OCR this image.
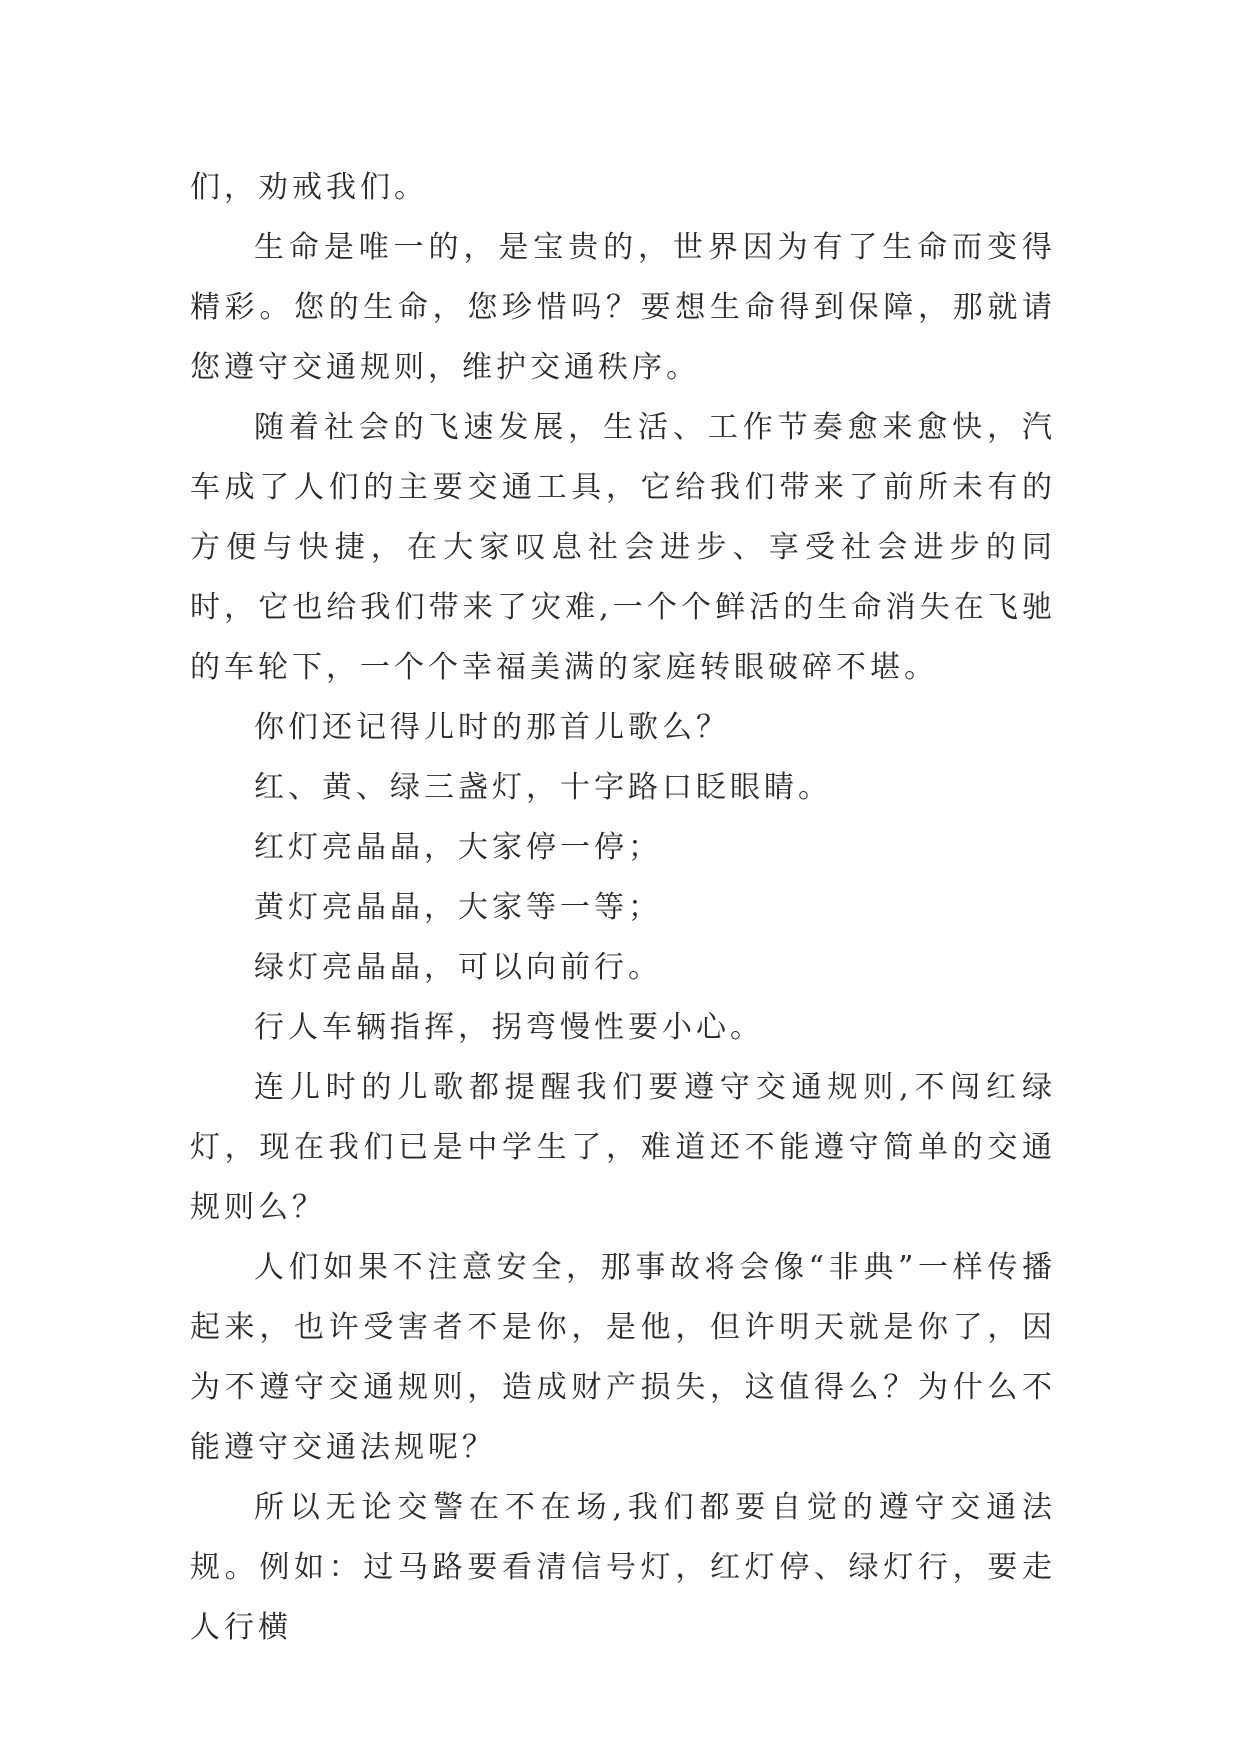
们，劝戒我们。

生命是唯一的，是宝贵的，世界因为有了生命而变得精彩。您的生命，您珍惜吗？要想生命得到保障，那就请您遵守交通规则，维护交通秩序。

随着社会的飞速发展，生活、工作节奏愈来愈快，汽车成了人们的主要交通工具，它给我们带来了前所未有的方便与快捷，在大家叹息社会进步、享受社会进步的同时，它也给我们带来了灾难,一个个鲜活的生命消失在飞驰的车轮下，一个个幸福美满的家庭转眼破碎不堪。

你们还记得儿时的那首儿歌么？

红、黄、绿三盏灯，十字路口眨眼睛。

红灯亮晶晶，大家停一停；

黄灯亮晶晶，大家等一等；

绿灯亮晶晶，可以向前行。

行人车辆指挥，拐弯慢性要小心。

连儿时的儿歌都提醒我们要遵守交通规则,不闯红绿灯，现在我们已是中学生了，难道还不能遵守简单的交通规则么？

人们如果不注意安全，那事故将会像“非典”一样传播起来，也许受害者不是你，是他，但许明天就是你了，因为不遵守交通规则，造成财产损失，这值得么？为什么不能遵守交通法规呢？

所以无论交警在不在场,我们都要自觉的遵守交通法规。例如：过马路要看清信号灯，红灯停、绿灯行，要走人行横
